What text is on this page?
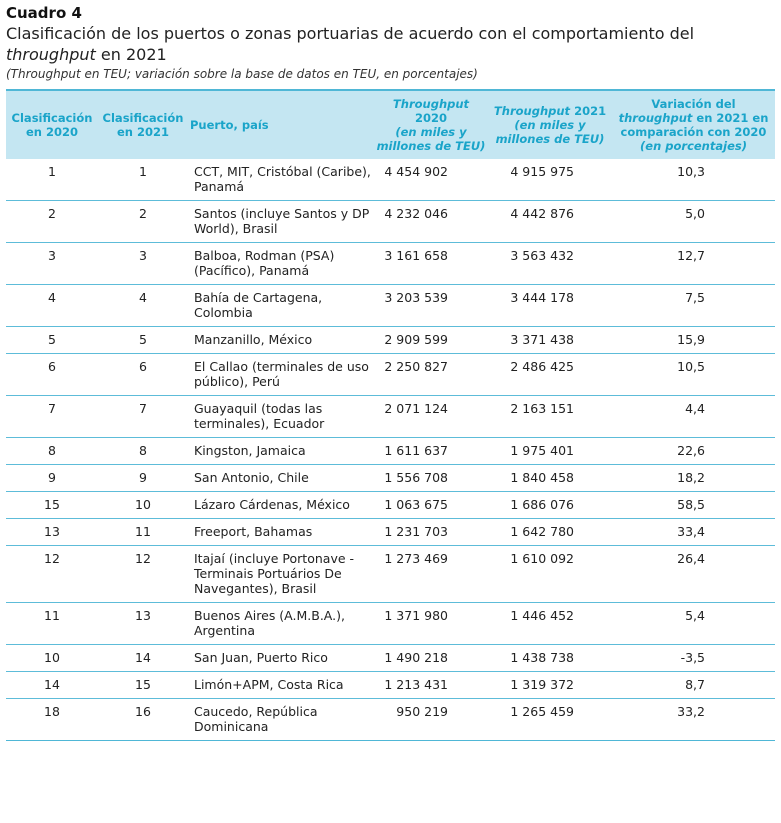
Cuadro 4
Clasificación de los puertos o zonas portuarias de acuerdo con el comportamiento del
throughput en 2021
(Throughput en TEU; variación sobre la base de datos en TEU, en porcentajes)
Clasificación en 2020	Clasificación en 2021	Puerto, país	Throughput
2020
(en miles y millones de TEU)	Throughput 2021
(en miles y millones de TEU)	Variación del
throughput en 2021 en comparación con 2020
(en porcentajes)
1	1	CCT, MIT, Cristóbal (Caribe), Panamá	4 454 902	4 915 975	10,3
2	2	Santos (incluye Santos y DP World), Brasil	4 232 046	4 442 876	5,0
3	3	Balboa, Rodman (PSA) (Pacífico), Panamá	3 161 658	3 563 432	12,7
4	4	Bahía de Cartagena, Colombia	3 203 539	3 444 178	7,5
5	5	Manzanillo, México	2 909 599	3 371 438	15,9
6	6	El Callao (terminales de uso público), Perú	2 250 827	2 486 425	10,5
7	7	Guayaquil (todas las terminales), Ecuador	2 071 124	2 163 151	4,4
8	8	Kingston, Jamaica	1 611 637	1 975 401	22,6
9	9	San Antonio, Chile	1 556 708	1 840 458	18,2
15	10	Lázaro Cárdenas, México	1 063 675	1 686 076	58,5
13	11	Freeport, Bahamas	1 231 703	1 642 780	33,4
12	12	Itajaí (incluye Portonave - Terminais Portuários De Navegantes), Brasil	1 273 469	1 610 092	26,4
11	13	Buenos Aires (A.M.B.A.), Argentina	1 371 980	1 446 452	5,4
10	14	San Juan, Puerto Rico	1 490 218	1 438 738	-3,5
14	15	Limón+APM, Costa Rica	1 213 431	1 319 372	8,7
18	16	Caucedo, República Dominicana	950 219	1 265 459	33,2
